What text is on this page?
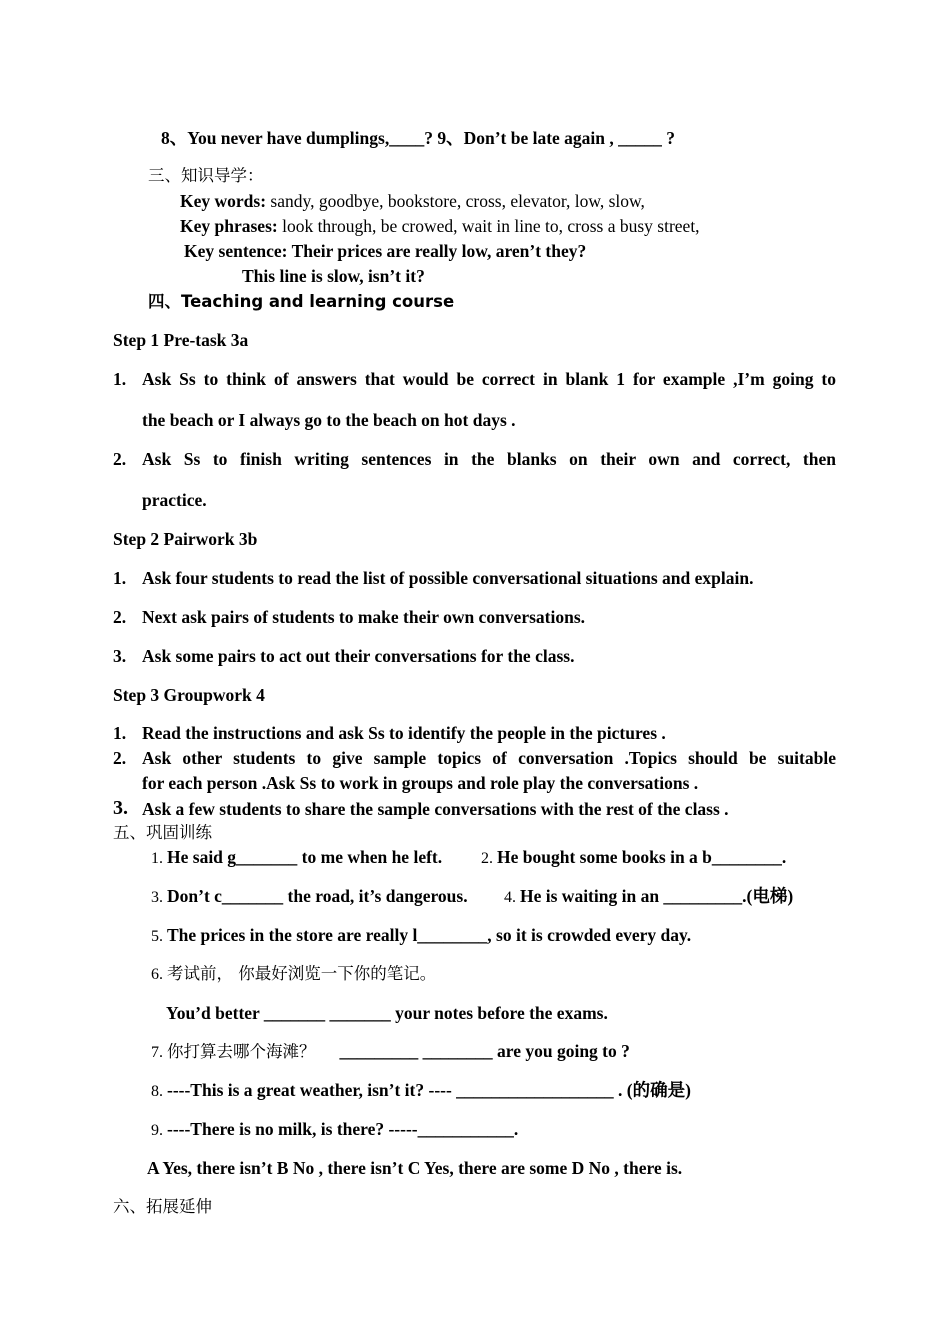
8、You never have dumplings,____? 9、Don’t be late again , _____ ?
三、知识导学：
Key words: sandy, goodbye, bookstore, cross, elevator, low, slow,
Key phrases: look through, be crowed, wait in line to, cross a busy street,
Key sentence: Their prices are really low, aren’t they?
This line is slow, isn’t it?
四、Teaching and learning course
Step 1 Pre-task 3a
1. Ask Ss to think of answers that would be correct in blank 1 for example ,I’m going to
the beach or I always go to the beach on hot days .
2. Ask Ss to finish writing sentences in the blanks on their own and correct, then
practice.
Step 2 Pairwork 3b
1. Ask four students to read the list of possible conversational situations and explain.
2. Next ask pairs of students to make their own conversations.
3. Ask some pairs to act out their conversations for the class.
Step 3 Groupwork 4
1. Read the instructions and ask Ss to identify the people in the pictures .
2. Ask other students to give sample topics of conversation .Topics should be suitable
for each person .Ask Ss to work in groups and role play the conversations .
3. Ask a few students to share the sample conversations with the rest of the class .
五、巩固训练
1. He said g_______ to me when he left. 2. He bought some books in a b________.
3. Don’t c_______ the road, it’s dangerous. 4. He is waiting in an _________.(电梯)
5. The prices in the store are really l________, so it is crowded every day.
6. 考试前， 你最好浏览一下你的笔记。
You’d better _______ _______ your notes before the exams.
7. 你打算去哪个海滩？ _________ ________ are you going to ?
8. ----This is a great weather, isn’t it? ---- __________________ . (的确是)
9. ----There is no milk, is there? -----___________.
A Yes, there isn’t B No , there isn’t C Yes, there are some D No , there is.
六、拓展延伸
